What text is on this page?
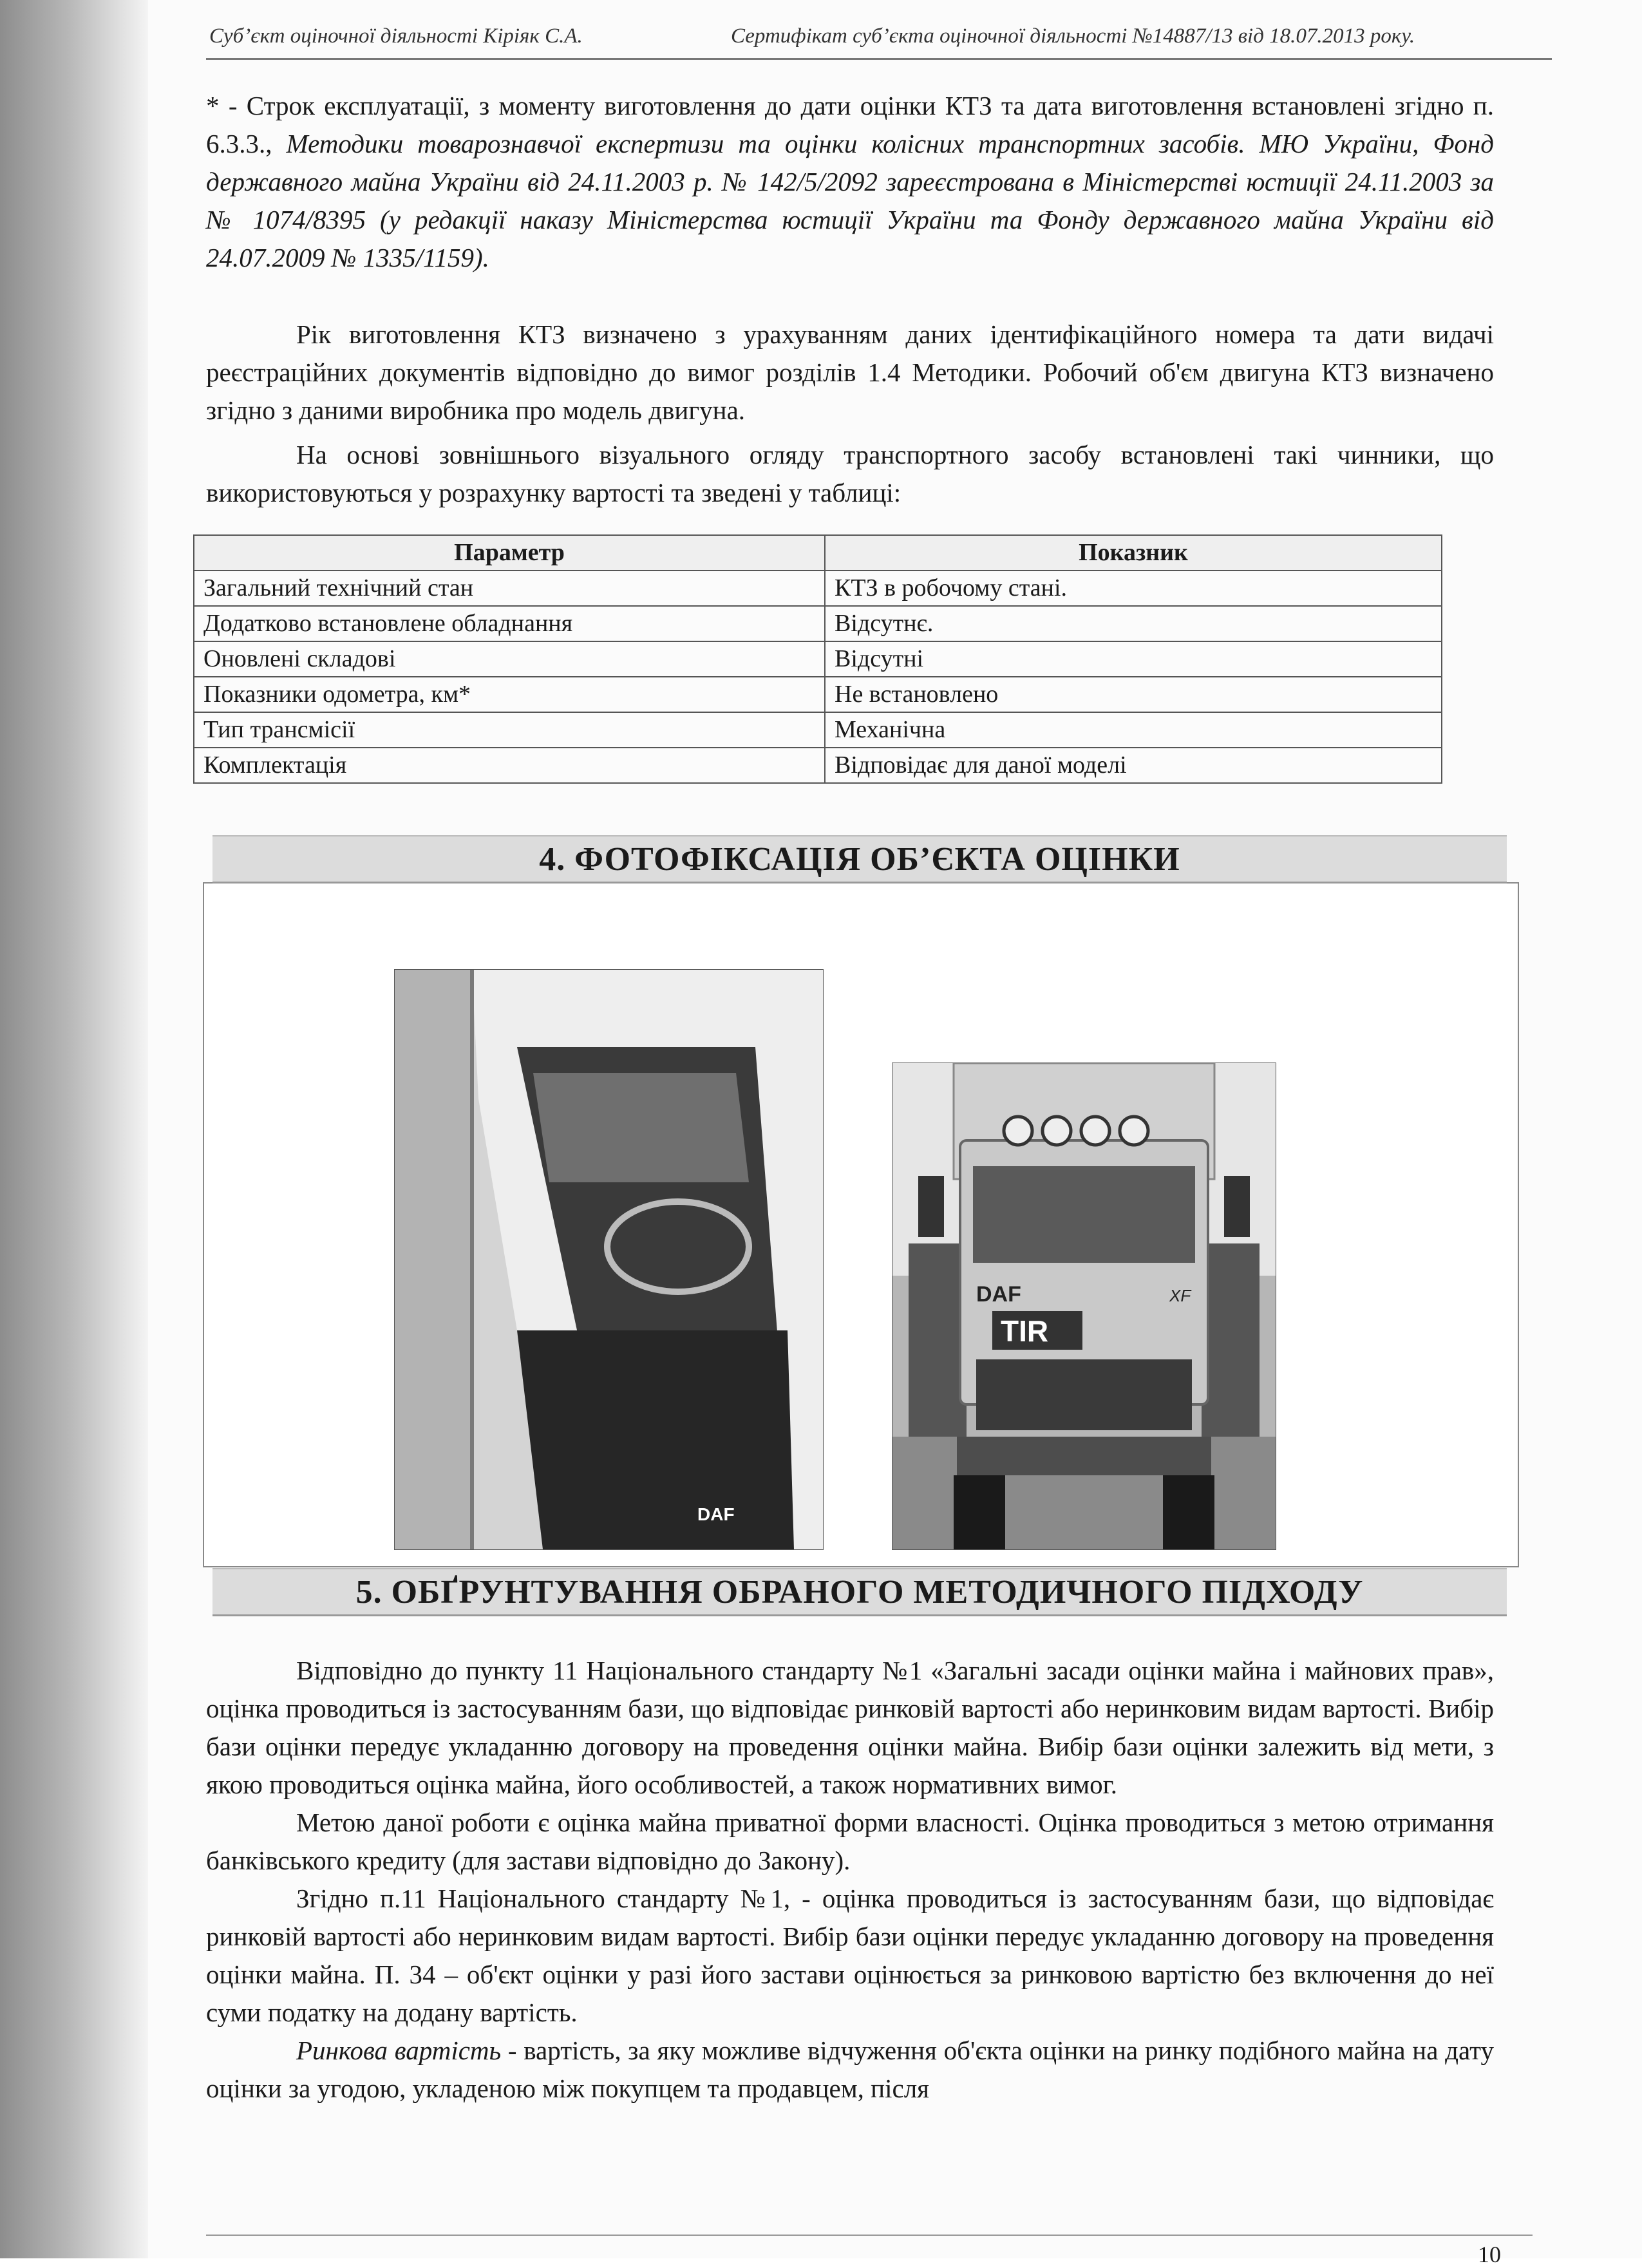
Суб’єкт оціночної діяльності Кіріяк С.А.	Сертифікат суб’єкта оціночної діяльності №14887/13 від 18.07.2013 року.

* - Строк експлуатації, з моменту виготовлення до дати оцінки КТЗ та дата виготовлення встановлені згідно п. 6.3.3., Методики товарознавчої експертизи та оцінки колісних транспортних засобів. МЮ України, Фонд державного майна України від 24.11.2003 р. № 142/5/2092 зареєстрована в Міністерстві юстиції 24.11.2003 за № 1074/8395 (у редакції наказу Міністерства юстиції України та Фонду державного майна України від 24.07.2009 № 1335/1159).

Рік виготовлення КТЗ визначено з урахуванням даних ідентифікаційного номера та дати видачі реєстраційних документів відповідно до вимог розділів 1.4 Методики. Робочий об'єм двигуна КТЗ визначено згідно з даними виробника про модель двигуна.

На основі зовнішнього візуального огляду транспортного засобу встановлені такі чинники, що використовуються у розрахунку вартості та зведені у таблиці:

Параметр	Показник
Загальний технічний стан	КТЗ в робочому стані.
Додатково встановлене обладнання	Відсутнє.
Оновлені складові	Відсутні
Показники одометра, км*	Не встановлено
Тип трансмісії	Механічна
Комплектація	Відповідає для даної моделі
4. ФОТОФІКСАЦІЯ ОБ’ЄКТА ОЦІНКИ
DAF
DAF	XF
TIR
5. ОБҐРУНТУВАННЯ ОБРАНОГО МЕТОДИЧНОГО ПІДХОДУ

Відповідно до пункту 11 Національного стандарту №1 «Загальні засади оцінки майна і майнових прав», оцінка проводиться із застосуванням бази, що відповідає ринковій вартості або неринковим видам вартості. Вибір бази оцінки передує укладанню договору на проведення оцінки майна. Вибір бази оцінки залежить від мети, з якою проводиться оцінка майна, його особливостей, а також нормативних вимог.

Метою даної роботи є оцінка майна приватної форми власності. Оцінка проводиться з метою отримання банківського кредиту (для застави відповідно до Закону).

Згідно п.11 Національного стандарту №1, - оцінка проводиться із застосуванням бази, що відповідає ринковій вартості або неринковим видам вартості. Вибір бази оцінки передує укладанню договору на проведення оцінки майна. П. 34 – об'єкт оцінки у разі його застави оцінюється за ринковою вартістю без включення до неї суми податку на додану вартість.

Ринкова вартість - вартість, за яку можливе відчуження об'єкта оцінки на ринку подібного майна на дату оцінки за угодою, укладеною між покупцем та продавцем, після

10
